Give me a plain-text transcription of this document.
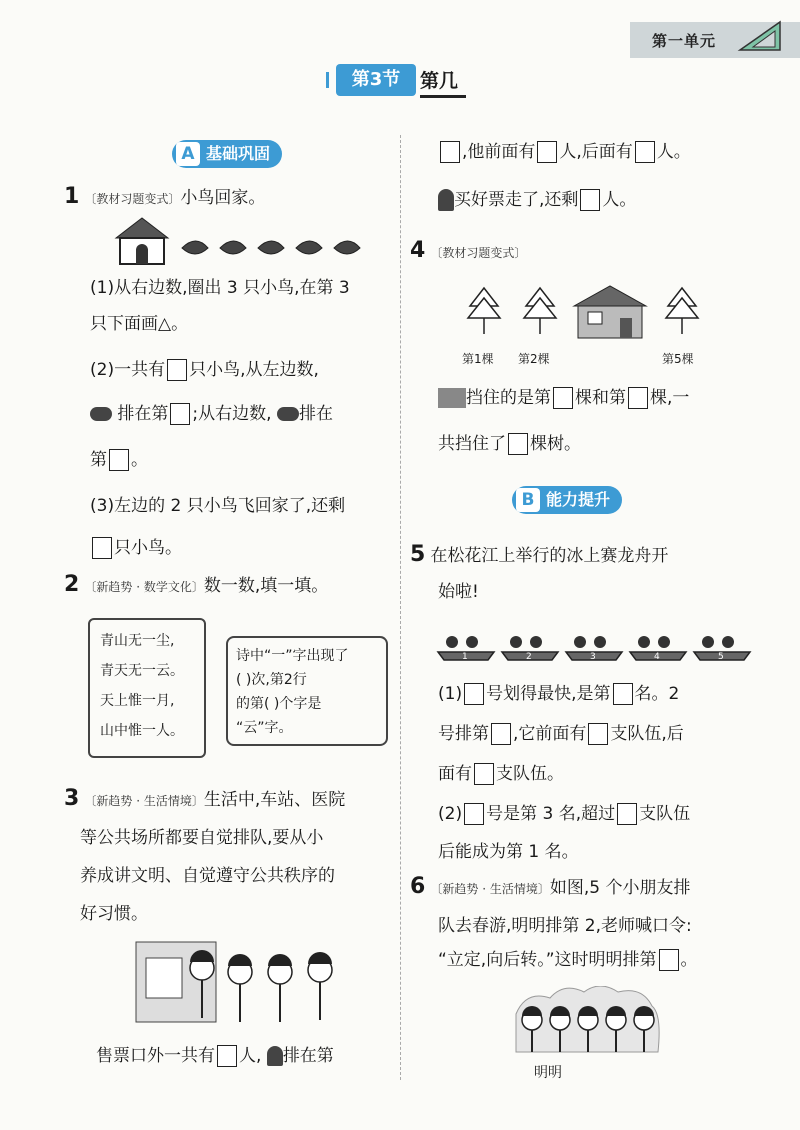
第一单元
第3节	第几
A 基础巩固
1 〔教材习题变式〕小鸟回家。
(1)从右边数,圈出 3 只小鸟,在第 3
只下面画△。
(2)一共有 只小鸟,从左边数,
排在第 ;从右边数, 排在
第 。
(3)左边的 2 只小鸟飞回家了,还剩
只小鸟。
2 〔新趋势 · 数学文化〕数一数,填一填。
青山无一尘,
青天无一云。
天上惟一月,
山中惟一人。
诗中“一”字出现了
( )次,第2行
的第( )个字是
“云”字。
3 〔新趋势 · 生活情境〕生活中,车站、医院
等公共场所都要自觉排队,要从小
养成讲文明、自觉遵守公共秩序的
好习惯。
售票口外一共有 人, 排在第
,他前面有 人,后面有 人。
买好票走了,还剩 人。
4 〔教材习题变式〕
第1棵 第2棵	第5棵
挡住的是第 棵和第 棵,一
共挡住了 棵树。
B 能力提升
5 在松花江上举行的冰上赛龙舟开
始啦!
1	2	3	4	5
(1) 号划得最快,是第 名。2
号排第 ,它前面有 支队伍,后
面有 支队伍。
(2) 号是第 3 名,超过 支队伍
后能成为第 1 名。
6 〔新趋势 · 生活情境〕如图,5 个小朋友排
队去春游,明明排第 2,老师喊口令:
“立定,向后转。”这时明明排第 。
明明
